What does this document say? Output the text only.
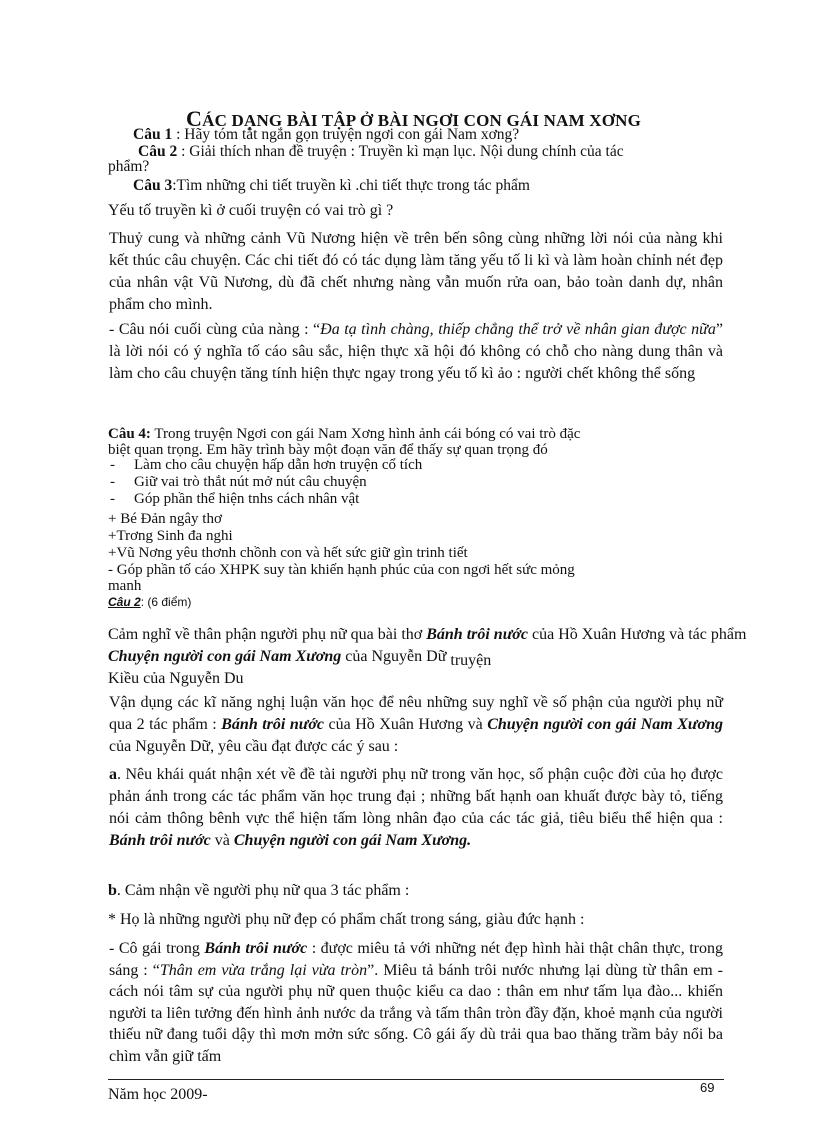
CÁC DẠNG BÀI TẬP Ở BÀI NGƠI CON GÁI NAM XƠNG
Câu 1 : Hãy tóm tắt ngắn gọn truyện ngơi con gái Nam xơng?
Câu 2 : Giải thích nhan đề truyện : Truyền kì mạn lục. Nội dung chính của tác
phẩm?
Câu 3:Tìm những chi tiết truyền kì .chi tiết thực trong tác phẩm
Yếu tố truyền kì ở cuối truyện có vai trò gì ?
Thuỷ cung và những cảnh Vũ Nương hiện về trên bến sông cùng những lời nói của nàng khi kết thúc câu chuyện. Các chi tiết đó có tác dụng làm tăng yếu tố li kì và làm hoàn chỉnh nét đẹp của nhân vật Vũ Nương, dù đã chết nhưng nàng vẫn muốn rửa oan, bảo toàn danh dự, nhân phẩm cho mình.
- Câu nói cuối cùng của nàng : “Đa tạ tình chàng, thiếp chẳng thể trở về nhân gian được nữa” là lời nói có ý nghĩa tố cáo sâu sắc, hiện thực xã hội đó không có chỗ cho nàng dung thân và làm cho câu chuyện tăng tính hiện thực ngay trong yếu tố kì ảo : người chết không thể sống
Câu 4: Trong truyện Ngơi con gái Nam Xơng hình ảnh cái bóng có vai trò đặc
biệt quan trọng. Em hãy trình bày một đoạn văn để thấy sự quan trọng đó
- Làm cho câu chuyện hấp dẫn hơn truyện cổ tích
- Giữ vai trò thắt nút mở nút câu chuyện
- Góp phần thể hiện tnhs cách nhân vật
+ Bé Đản ngây thơ
+Trơng Sinh đa nghi
+Vũ Nơng yêu thơnh chồnh con và hết sức giữ gìn trinh tiết
- Góp phần tố cáo XHPK suy tàn khiến hạnh phúc của con ngơi hết sức mỏng
manh
Câu 2: (6 điểm)
Cảm nghĩ về thân phận người phụ nữ qua bài thơ Bánh trôi nước của Hồ Xuân Hương và tác phẩm
Chuyện người con gái Nam Xương của Nguyễn Dữ truyện
Kiều của Nguyễn Du
Vận dụng các kĩ năng nghị luận văn học để nêu những suy nghĩ về số phận của người phụ nữ qua 2 tác phẩm : Bánh trôi nước của Hồ Xuân Hương và Chuyện người con gái Nam Xương của Nguyễn Dữ, yêu cầu đạt được các ý sau :
a. Nêu khái quát nhận xét về đề tài người phụ nữ trong văn học, số phận cuộc đời của họ được phản ánh trong các tác phẩm văn học trung đại ; những bất hạnh oan khuất được bày tỏ, tiếng nói cảm thông bênh vực thể hiện tấm lòng nhân đạo của các tác giả, tiêu biểu thể hiện qua : Bánh trôi nước và Chuyện người con gái Nam Xương.
b. Cảm nhận về người phụ nữ qua 3 tác phẩm :
* Họ là những người phụ nữ đẹp có phẩm chất trong sáng, giàu đức hạnh :
- Cô gái trong Bánh trôi nước : được miêu tả với những nét đẹp hình hài thật chân thực, trong sáng : “Thân em vừa trắng lại vừa tròn”. Miêu tả bánh trôi nước nhưng lại dùng từ thân em - cách nói tâm sự của người phụ nữ quen thuộc kiểu ca dao : thân em như tấm lụa đào... khiến người ta liên tưởng đến hình ảnh nước da trắng và tấm thân tròn đầy đặn, khoẻ mạnh của người thiếu nữ đang tuổi dậy thì mơn mởn sức sống. Cô gái ấy dù trải qua bao thăng trầm bảy nổi ba chìm vẫn giữ tấm
Năm học 2009-	69
